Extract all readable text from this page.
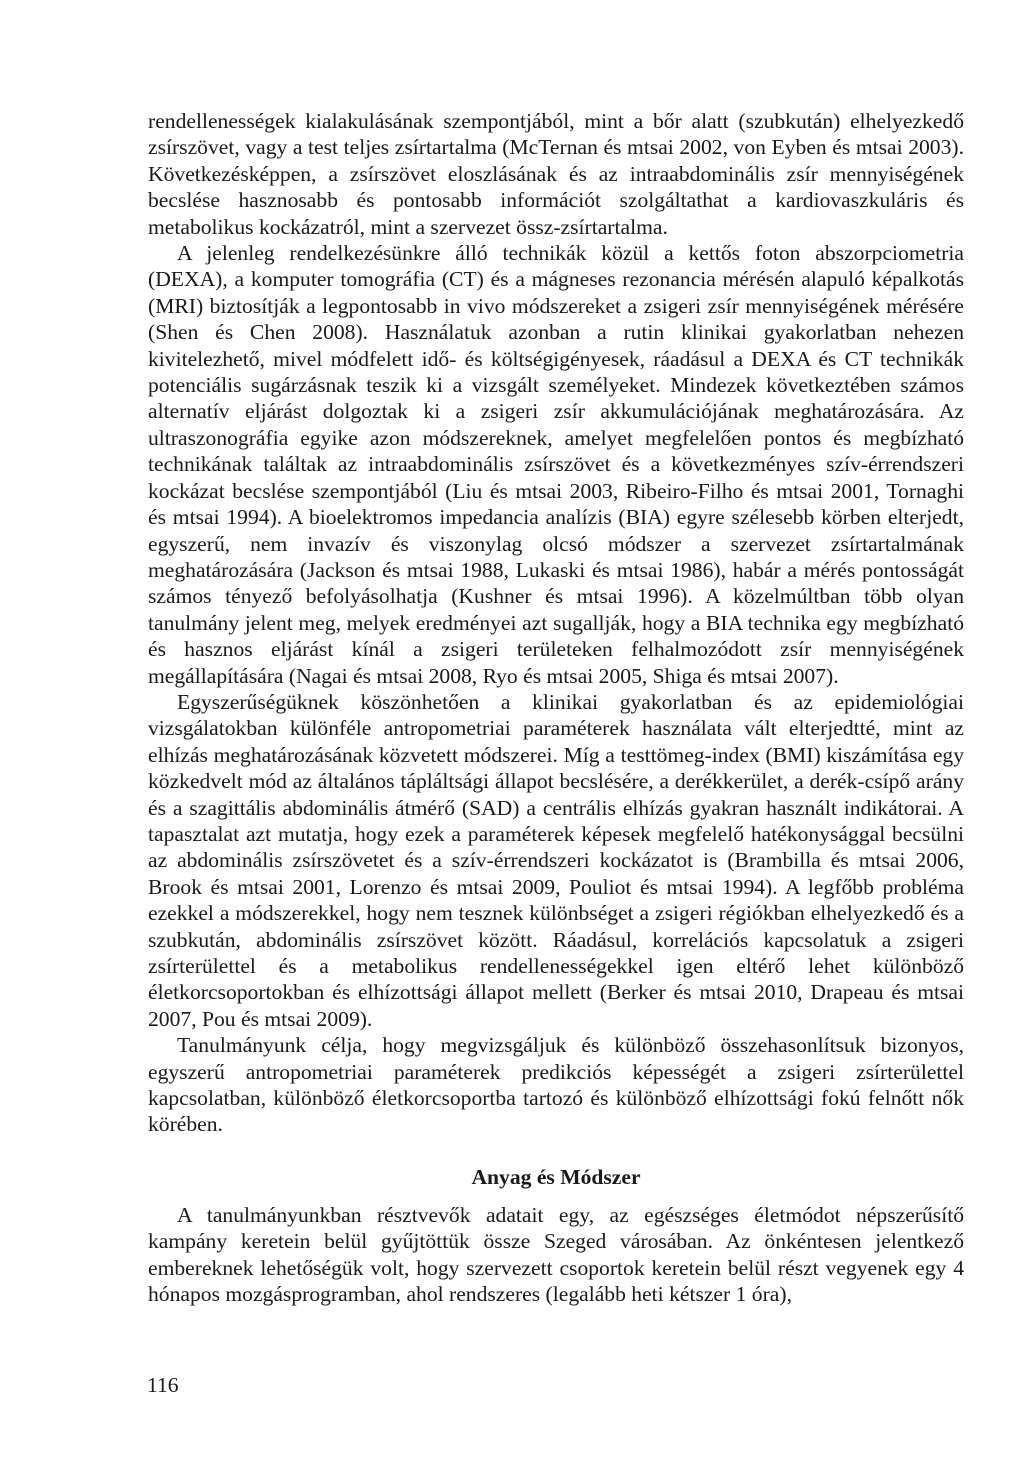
rendellenességek kialakulásának szempontjából, mint a bőr alatt (szubkután) elhelyezkedő zsírszövet, vagy a test teljes zsírtartalma (McTernan és mtsai 2002, von Eyben és mtsai 2003). Következésképpen, a zsírszövet eloszlásának és az intraabdominális zsír mennyiségének becslése hasznosabb és pontosabb információt szolgáltathat a kardiovaszkuláris és metabolikus kockázatról, mint a szervezet össz-zsírtartalma.

A jelenleg rendelkezésünkre álló technikák közül a kettős foton abszorpciometria (DEXA), a komputer tomográfia (CT) és a mágneses rezonancia mérésén alapuló képalkotás (MRI) biztosítják a legpontosabb in vivo módszereket a zsigeri zsír mennyiségének mérésére (Shen és Chen 2008). Használatuk azonban a rutin klinikai gyakorlatban nehezen kivitelezhető, mivel módfelett idő- és költségigényesek, ráadásul a DEXA és CT technikák potenciális sugárzásnak teszik ki a vizsgált személyeket. Mindezek következtében számos alternatív eljárást dolgoztak ki a zsigeri zsír akkumulációjának meghatározására. Az ultraszonográfia egyike azon módszereknek, amelyet megfelelően pontos és megbízható technikának találtak az intraabdominális zsírszövet és a következményes szív-érrendszeri kockázat becslése szempontjából (Liu és mtsai 2003, Ribeiro-Filho és mtsai 2001, Tornaghi és mtsai 1994). A bioelektromos impedancia analízis (BIA) egyre szélesebb körben elterjedt, egyszerű, nem invazív és viszonylag olcsó módszer a szervezet zsírtartalmának meghatározására (Jackson és mtsai 1988, Lukaski és mtsai 1986), habár a mérés pontosságát számos tényező befolyásolhatja (Kushner és mtsai 1996). A közelmúltban több olyan tanulmány jelent meg, melyek eredményei azt sugallják, hogy a BIA technika egy megbízható és hasznos eljárást kínál a zsigeri területeken felhalmozódott zsír mennyiségének megállapítására (Nagai és mtsai 2008, Ryo és mtsai 2005, Shiga és mtsai 2007).

Egyszerűségüknek köszönhetően a klinikai gyakorlatban és az epidemiológiai vizsgálatokban különféle antropometriai paraméterek használata vált elterjedtté, mint az elhízás meghatározásának közvetett módszerei. Míg a testtömeg-index (BMI) kiszámítása egy közkedvelt mód az általános tápláltsági állapot becslésére, a derékkerület, a derék-csípő arány és a szagittális abdominális átmérő (SAD) a centrális elhízás gyakran használt indikátorai. A tapasztalat azt mutatja, hogy ezek a paraméterek képesek megfelelő hatékonysággal becsülni az abdominális zsírszövetet és a szív-érrendszeri kockázatot is (Brambilla és mtsai 2006, Brook és mtsai 2001, Lorenzo és mtsai 2009, Pouliot és mtsai 1994). A legfőbb probléma ezekkel a módszerekkel, hogy nem tesznek különbséget a zsigeri régiókban elhelyezkedő és a szubkután, abdominális zsírszövet között. Ráadásul, korrelációs kapcsolatuk a zsigeri zsírterülettel és a metabolikus rendellenességekkel igen eltérő lehet különböző életkorcsoportokban és elhízottsági állapot mellett (Berker és mtsai 2010, Drapeau és mtsai 2007, Pou és mtsai 2009).

Tanulmányunk célja, hogy megvizsgáljuk és különböző összehasonlítsuk bizonyos, egyszerű antropometriai paraméterek predikciós képességét a zsigeri zsírterülettel kapcsolatban, különböző életkorcsoportba tartozó és különböző elhízottsági fokú felnőtt nők körében.

Anyag és Módszer

A tanulmányunkban résztvevők adatait egy, az egészséges életmódot népszerűsítő kampány keretein belül gyűjtöttük össze Szeged városában. Az önkéntesen jelentkező embereknek lehetőségük volt, hogy szervezett csoportok keretein belül részt vegyenek egy 4 hónapos mozgásprogramban, ahol rendszeres (legalább heti kétszer 1 óra),

116
